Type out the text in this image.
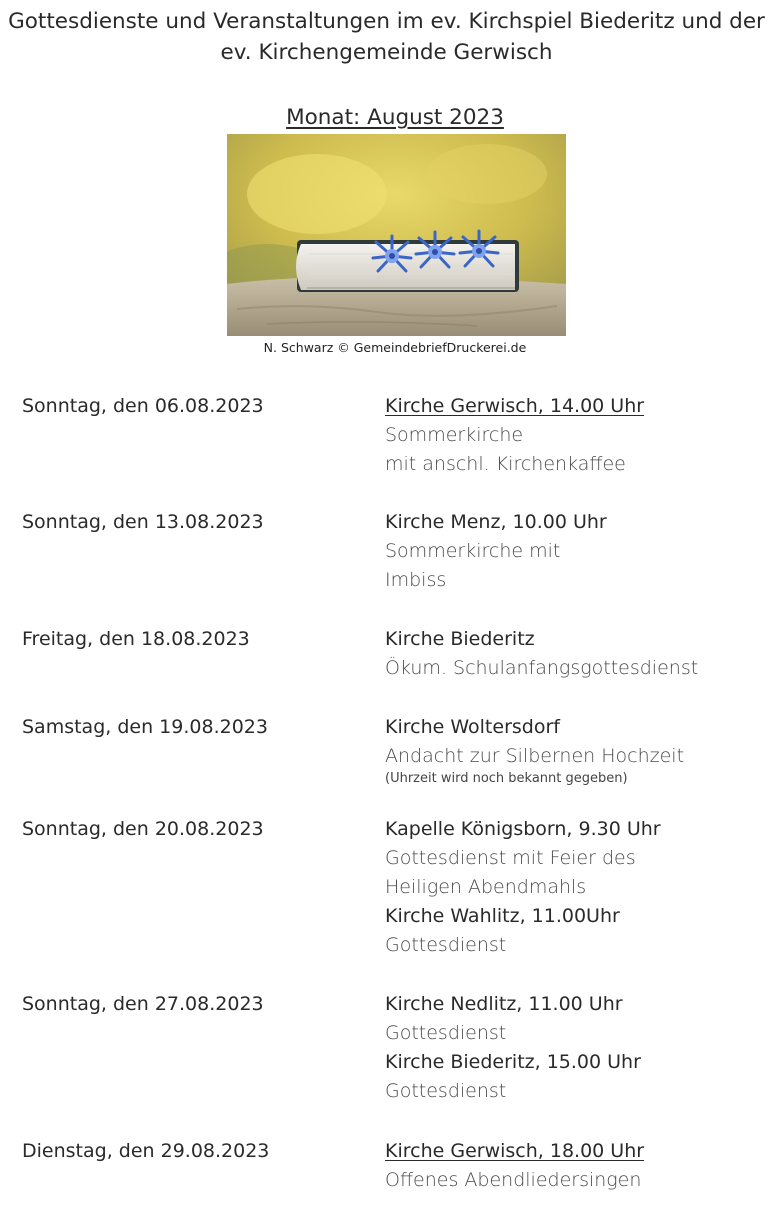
Gottesdienste und Veranstaltungen im ev. Kirchspiel Biederitz und der
ev. Kirchengemeinde Gerwisch
Monat: August 2023
N. Schwarz © GemeindebriefDruckerei.de
Sonntag, den 06.08.2023	Kirche Gerwisch, 14.00 Uhr
Sommerkirche
mit anschl. Kirchenkaffee
Sonntag, den 13.08.2023	Kirche Menz, 10.00 Uhr
Sommerkirche mit
Imbiss
Freitag, den 18.08.2023	Kirche Biederitz
Ökum. Schulanfangsgottesdienst
Samstag, den 19.08.2023	Kirche Woltersdorf
Andacht zur Silbernen Hochzeit
(Uhrzeit wird noch bekannt gegeben)
Sonntag, den 20.08.2023	Kapelle Königsborn, 9.30 Uhr
Gottesdienst mit Feier des
Heiligen Abendmahls
Kirche Wahlitz, 11.00Uhr
Gottesdienst
Sonntag, den 27.08.2023	Kirche Nedlitz, 11.00 Uhr
Gottesdienst
Kirche Biederitz, 15.00 Uhr
Gottesdienst
Dienstag, den 29.08.2023	Kirche Gerwisch, 18.00 Uhr
Offenes Abendliedersingen
